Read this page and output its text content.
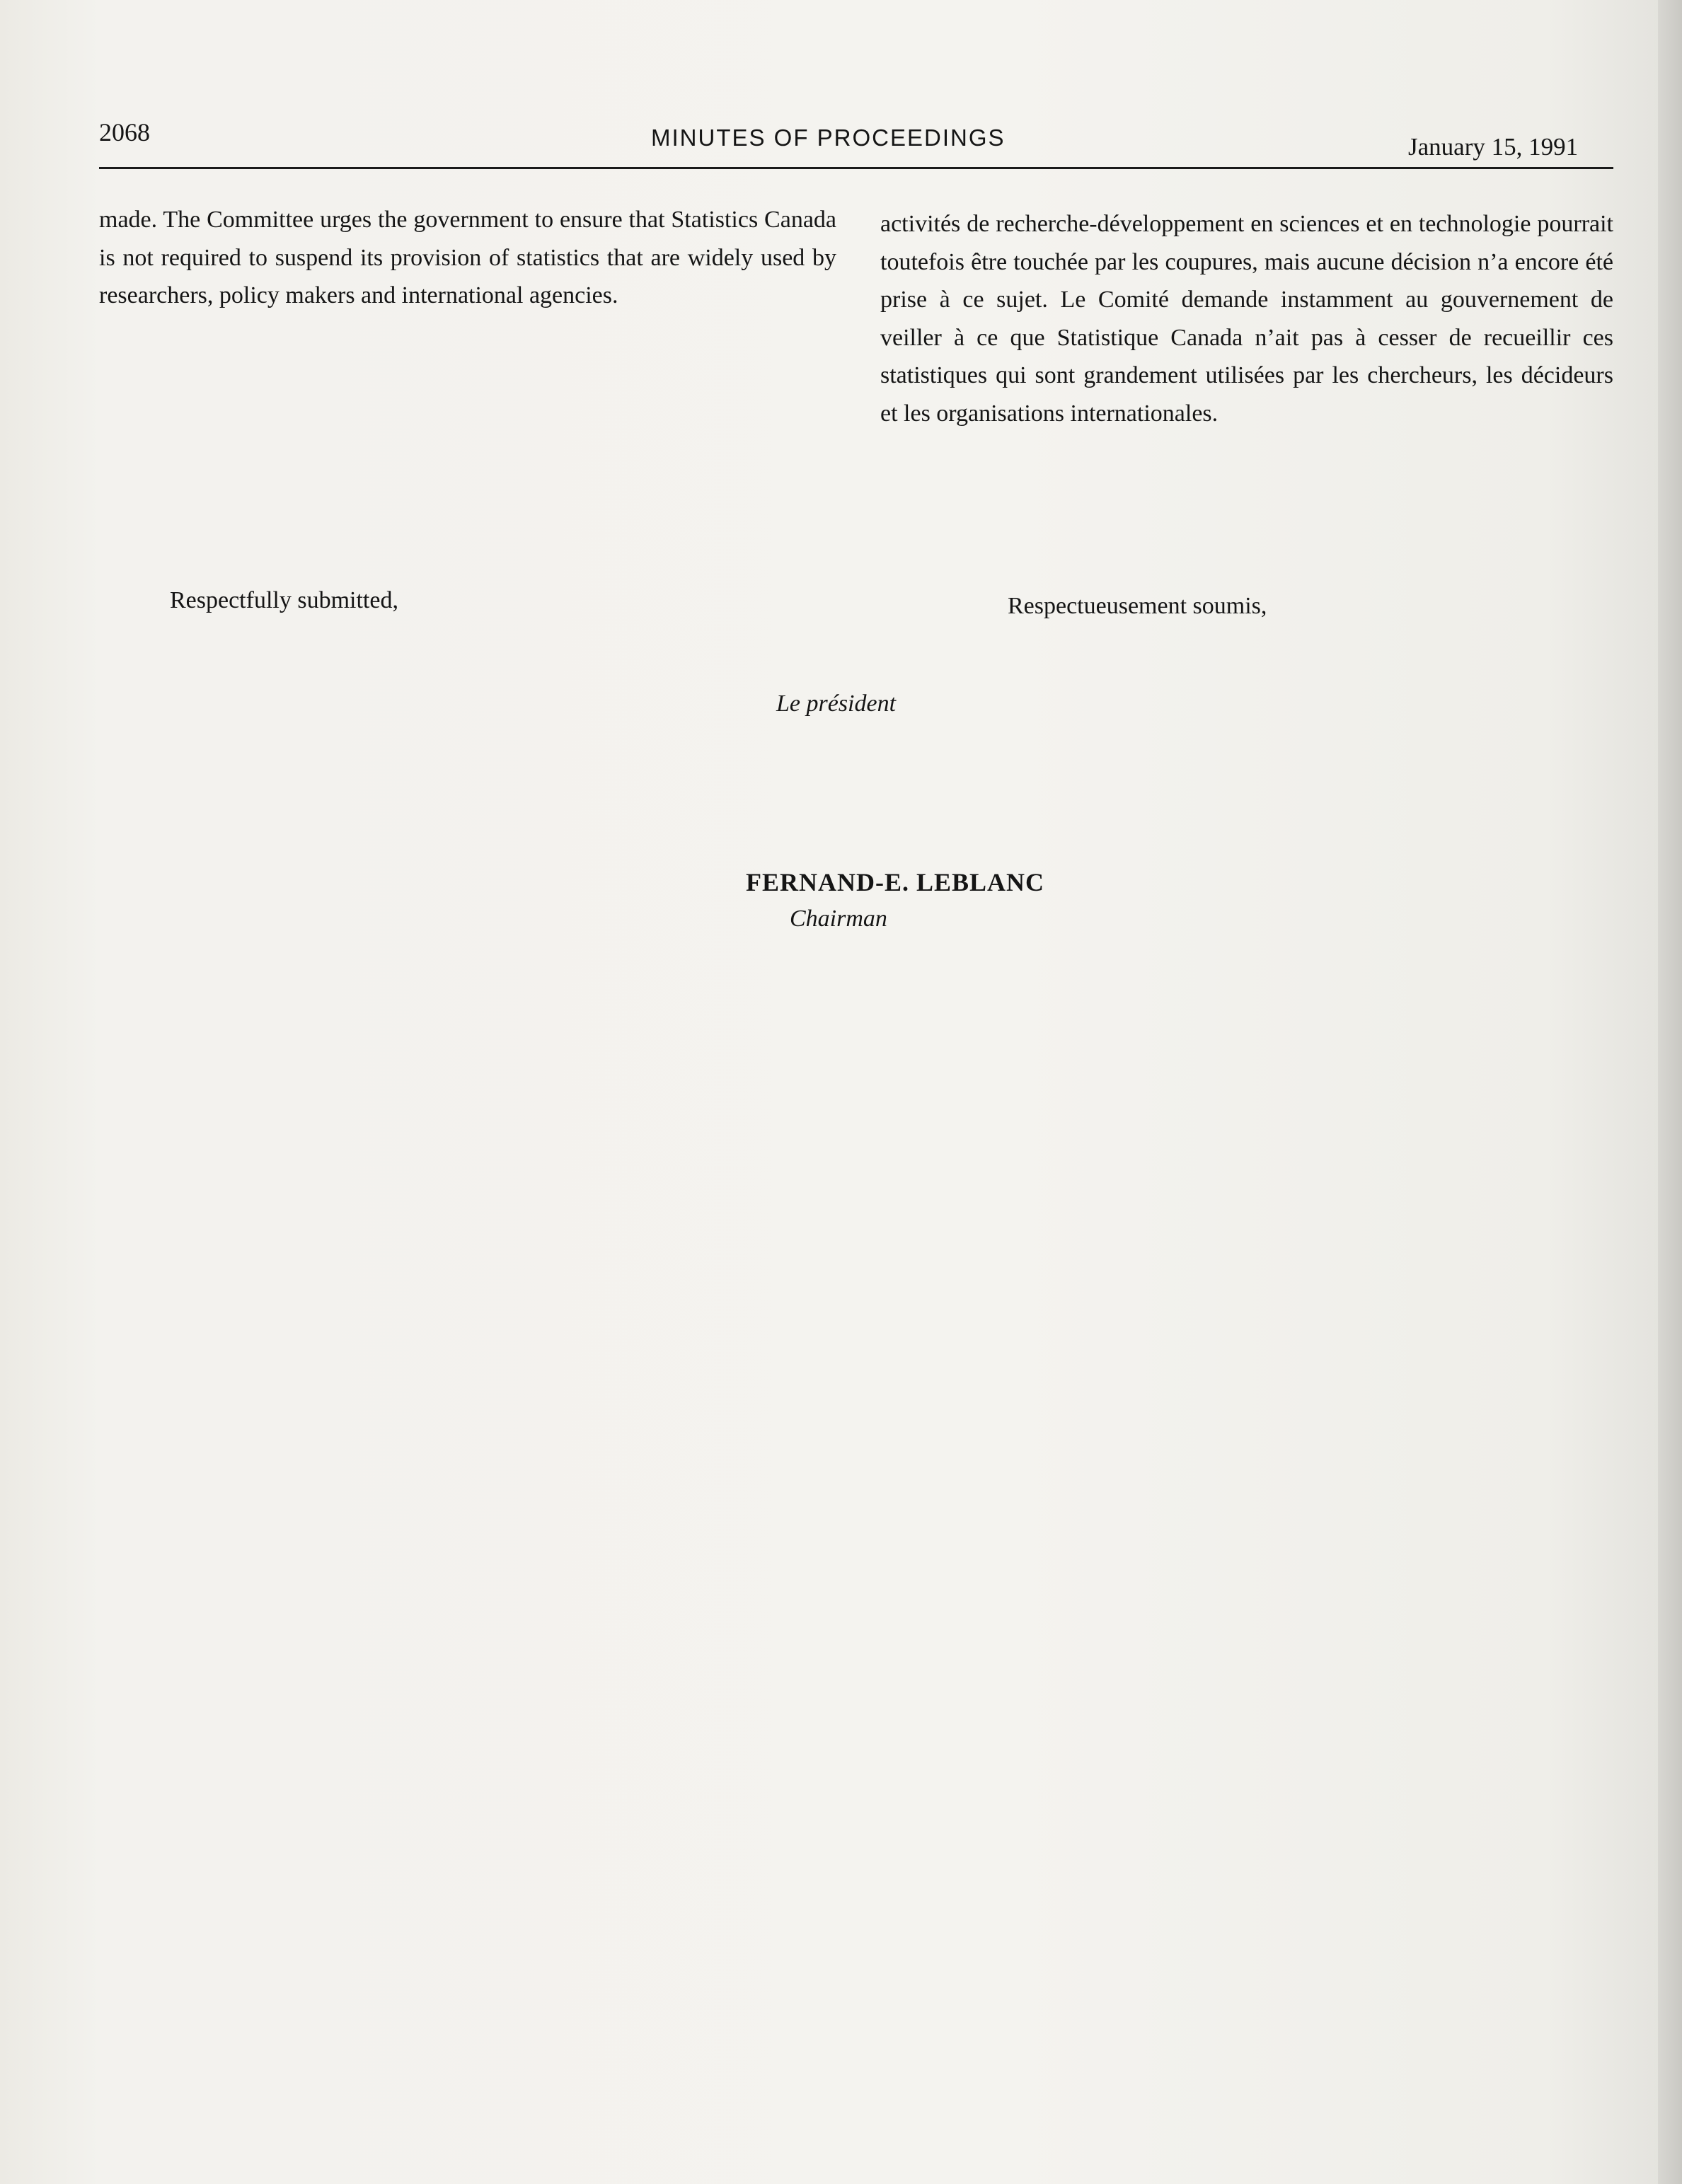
2068	MINUTES OF PROCEEDINGS	January 15, 1991

made. The Committee urges the government to ensure that Statistics Canada is not required to suspend its provision of statistics that are widely used by researchers, policy makers and international agencies.

activités de recherche-développement en sciences et en technologie pourrait toutefois être touchée par les coupures, mais aucune décision n’a encore été prise à ce sujet. Le Comité demande instamment au gouvernement de veiller à ce que Statistique Canada n’ait pas à cesser de recueillir ces statistiques qui sont grandement utilisées par les chercheurs, les décideurs et les organisations internationales.

Respectfully submitted,	Respectueusement soumis,
Le président
FERNAND-E. LEBLANC
Chairman
